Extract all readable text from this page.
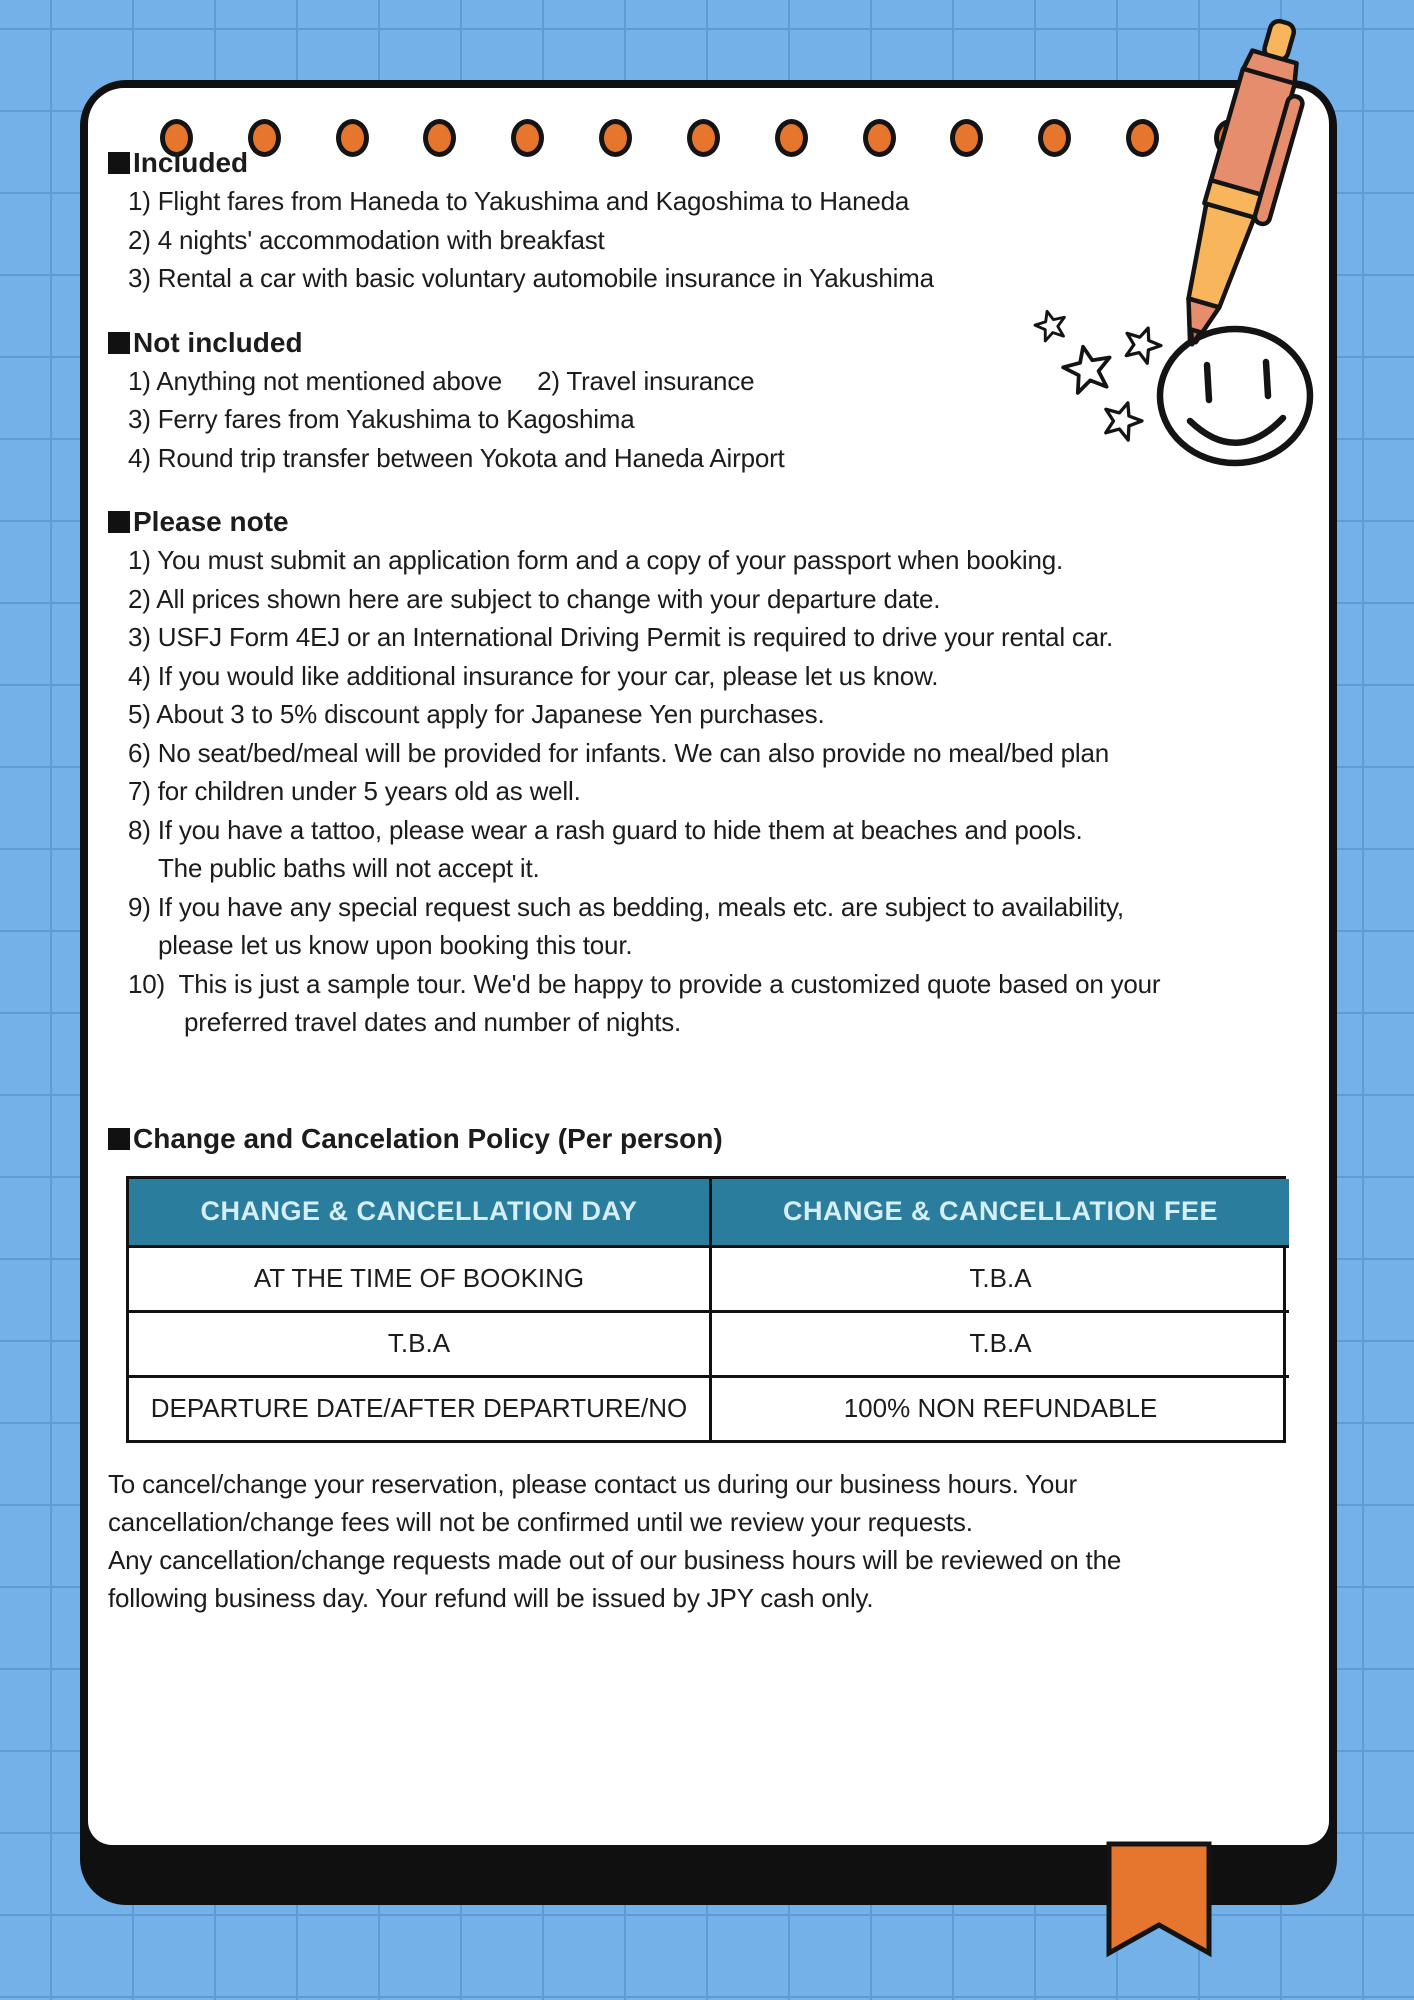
Included
1) Flight fares from Haneda to Yakushima and Kagoshima to Haneda
2) 4 nights' accommodation with breakfast
3) Rental a car with basic voluntary automobile insurance in Yakushima
Not included
1) Anything not mentioned above     2) Travel insurance
3) Ferry fares from Yakushima to Kagoshima
4) Round trip transfer between Yokota and Haneda Airport
Please note
1) You must submit an application form and a copy of your passport when booking.
2) All prices shown here are subject to change with your departure date.
3) USFJ Form 4EJ or an International Driving Permit is required to drive your rental car.
4) If you would like additional insurance for your car, please let us know.
5) About 3 to 5% discount apply for Japanese Yen purchases.
6) No seat/bed/meal will be provided for infants. We can also provide no meal/bed plan
7) for children under 5 years old as well.
8) If you have a tattoo, please wear a rash guard to hide them at beaches and pools.
The public baths will not accept it.
9) If you have any special request such as bedding, meals etc. are subject to availability,
please let us know upon booking this tour.
10)  This is just a sample tour. We'd be happy to provide a customized quote based on your
preferred travel dates and number of nights.
Change and Cancelation Policy (Per person)
CHANGE & CANCELLATION DAY	CHANGE & CANCELLATION FEE
AT THE TIME OF BOOKING	T.B.A
T.B.A	T.B.A
DEPARTURE DATE/AFTER DEPARTURE/NO	100% NON REFUNDABLE
To cancel/change your reservation, please contact us during our business hours. Your
cancellation/change fees will not be confirmed until we review your requests.
Any cancellation/change requests made out of our business hours will be reviewed on the
following business day. Your refund will be issued by JPY cash only.
